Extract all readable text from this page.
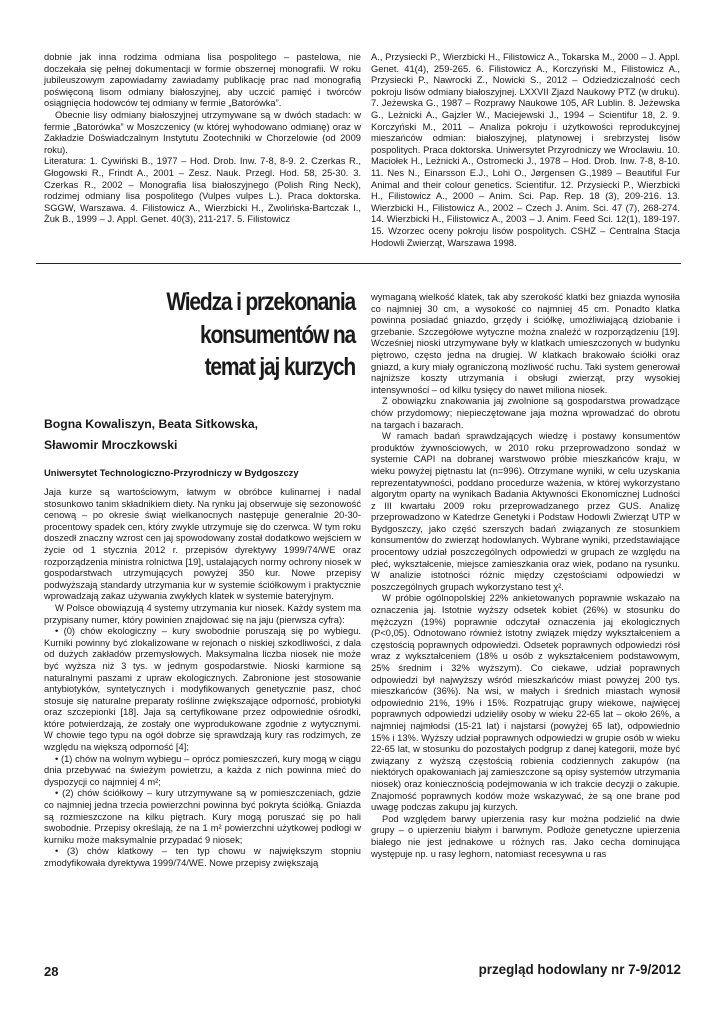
dobnie jak inna rodzima odmiana lisa pospolitego – pastelowa, nie doczekała się pełnej dokumentacji w formie obszernej monografii. W roku jubileuszowym zapowiadamy zawiadamy publikację prac nad monografią poświęconą lisom odmiany białoszyjnej, aby uczcić pamięć i twórców osiągnięcia hodowców tej odmiany w fermie „Batorówka”.

Obecnie lisy odmiany białoszyjnej utrzymywane są w dwóch stadach: w fermie „Batorówka” w Moszczenicy (w której wyhodowano odmianę) oraz w Zakładzie Doświadczalnym Instytutu Zootechniki w Chorzelowie (od 2009 roku).

Literatura: 1. Cywiński B., 1977 – Hod. Drob. Inw. 7-8, 8-9. 2. Czerkas R., Głogowski R., Frindt A., 2001 – Zesz. Nauk. Przegl. Hod. 58, 25-30. 3. Czerkas R., 2002 – Monografia lisa białoszyjnego (Polish Ring Neck), rodzimej odmiany lisa pospolitego (Vulpes vulpes L.). Praca doktorska. SGGW, Warszawa. 4. Filistowicz A., Wierzbicki H., Zwolińska-Bartczak I., Żuk B., 1999 – J. Appl. Genet. 40(3), 211-217. 5. Filistowicz

A., Przysiecki P., Wierzbicki H., Filistowicz A., Tokarska M., 2000 – J. Appl. Genet. 41(4), 259-265. 6. Filistowicz A., Korczyński M., Filistowicz A., Przysiecki P., Nawrocki Z., Nowicki S., 2012 – Odziedziczalność cech pokroju lisów odmiany białoszyjnej. LXXVII Zjazd Naukowy PTZ (w druku). 7. Jeżewska G., 1987 – Rozprawy Naukowe 105, AR Lublin. 8. Jeżewska G., Leżnicki A., Gajzler W., Maciejewski J., 1994 – Scientifur 18, 2. 9. Korczyński M., 2011 – Analiza pokroju i użytkowości reprodukcyjnej mieszańców odmian: białoszyjnej, platynowej i srebrzystej lisów pospolitych. Praca doktorska. Uniwersytet Przyrodniczy we Wrocławiu. 10. Maciołek H., Leżnicki A., Ostromecki J., 1978 – Hod. Drob. Inw. 7-8, 8-10. 11. Nes N., Einarsson E.J., Lohi O., Jørgensen G.,1989 – Beautiful Fur Animal and their colour genetics. Scientifur. 12. Przysiecki P., Wierzbicki H., Filistowicz A., 2000 – Anim. Sci. Pap. Rep. 18 (3), 209-216. 13. Wierzbicki H., Filistowicz A., 2002 – Czech J. Anim. Sci. 47 (7), 268-274. 14. Wierzbicki H., Filistowicz A., 2003 – J. Anim. Feed Sci. 12(1), 189-197. 15. Wzorzec oceny pokroju lisów pospolitych. CSHZ – Centralna Stacja Hodowli Zwierząt, Warszawa 1998.

Wiedza i przekonania
konsumentów na
temat jaj kurzych
Bogna Kowaliszyn, Beata Sitkowska,
Sławomir Mroczkowski
Uniwersytet Technologiczno-Przyrodniczy w Bydgoszczy

Jaja kurze są wartościowym, łatwym w obróbce kulinarnej i nadal stosunkowo tanim składnikiem diety. Na rynku jaj obserwuje się sezonowość cenową – po okresie świąt wielkanocnych następuje generalnie 20-30-procentowy spadek cen, który zwykle utrzymuje się do czerwca. W tym roku doszedł znaczny wzrost cen jaj spowodowany został dodatkowo wejściem w życie od 1 stycznia 2012 r. przepisów dyrektywy 1999/74/WE oraz rozporządzenia ministra rolnictwa [19], ustalających normy ochrony niosek w gospodarstwach utrzymujących powyżej 350 kur. Nowe przepisy podwyższają standardy utrzymania kur w systemie ściółkowym i praktycznie wprowadzają zakaz używania zwykłych klatek w systemie bateryjnym.

W Polsce obowiązują 4 systemy utrzymania kur niosek. Każdy system ma przypisany numer, który powinien znajdować się na jaju (pierwsza cyfra):

• (0) chów ekologiczny – kury swobodnie poruszają się po wybiegu. Kurniki powinny być zlokalizowane w rejonach o niskiej szkodliwości, z dala od dużych zakładów przemysłowych. Maksymalna liczba niosek nie może być wyższa niż 3 tys. w jednym gospodarstwie. Nioski karmione są naturalnymi paszami z upraw ekologicznych. Zabronione jest stosowanie antybiotyków, syntetycznych i modyfikowanych genetycznie pasz, choć stosuje się naturalne preparaty roślinne zwiększające odporność, probiotyki oraz szczepionki [18]. Jaja są certyfikowane przez odpowiednie ośrodki, które potwierdzają, że zostały one wyprodukowane zgodnie z wytycznymi. W chowie tego typu na ogół dobrze się sprawdzają kury ras rodzimych, ze względu na większą odporność [4];

• (1) chów na wolnym wybiegu – oprócz pomieszczeń, kury mogą w ciągu dnia przebywać na świeżym powietrzu, a każda z nich powinna mieć do dyspozycji co najmniej 4 m²;

• (2) chów ściółkowy – kury utrzymywane są w pomieszczeniach, gdzie co najmniej jedna trzecia powierzchni powinna być pokryta ściółką. Gniazda są rozmieszczone na kilku piętrach. Kury mogą poruszać się po hali swobodnie. Przepisy określają, że na 1 m² powierzchni użytkowej podłogi w kurniku może maksymalnie przypadać 9 niosek;

• (3) chów klatkowy – ten typ chowu w największym stopniu zmodyfikowała dyrektywa 1999/74/WE. Nowe przepisy zwiększają

wymaganą wielkość klatek, tak aby szerokość klatki bez gniazda wynosiła co najmniej 30 cm, a wysokość co najmniej 45 cm. Ponadto klatka powinna posiadać gniazdo, grzędy i ściółkę, umożliwiającą dziobanie i grzebanie. Szczegółowe wytyczne można znaleźć w rozporządzeniu [19]. Wcześniej nioski utrzymywane były w klatkach umieszczonych w budynku piętrowo, często jedna na drugiej. W klatkach brakowało ściółki oraz gniazd, a kury miały ograniczoną możliwość ruchu. Taki system generował najniższe koszty utrzymania i obsługi zwierząt, przy wysokiej intensywności – od kilku tysięcy do nawet miliona niosek.

Z obowiązku znakowania jaj zwolnione są gospodarstwa prowadzące chów przydomowy; niepieczętowane jaja można wprowadzać do obrotu na targach i bazarach.

W ramach badań sprawdzających wiedzę i postawy konsumentów produktów żywnościowych, w 2010 roku przeprowadzono sondaż w systemie CAPI na dobranej warstwowo próbie mieszkańców kraju, w wieku powyżej piętnastu lat (n=996). Otrzymane wyniki, w celu uzyskania reprezentatywności, poddano procedurze ważenia, w której wykorzystano algorytm oparty na wynikach Badania Aktywności Ekonomicznej Ludności z III kwartału 2009 roku przeprowadzanego przez GUS. Analizę przeprowadzono w Katedrze Genetyki i Podstaw Hodowli Zwierząt UTP w Bydgoszczy, jako część szerszych badań związanych ze stosunkiem konsumentów do zwierząt hodowlanych. Wybrane wyniki, przedstawiające procentowy udział poszczególnych odpowiedzi w grupach ze względu na płeć, wykształcenie, miejsce zamieszkania oraz wiek, podano na rysunku. W analizie istotności różnic między częstościami odpowiedzi w poszczególnych grupach wykorzystano test χ².

W próbie ogólnopolskiej 22% ankietowanych poprawnie wskazało na oznaczenia jaj. Istotnie wyższy odsetek kobiet (26%) w stosunku do mężczyzn (19%) poprawnie odczytał oznaczenia jaj ekologicznych (P<0,05). Odnotowano również istotny związek między wykształceniem a częstością poprawnych odpowiedzi. Odsetek poprawnych odpowiedzi rósł wraz z wykształceniem (18% u osób z wykształceniem podstawowym, 25% średnim i 32% wyższym). Co ciekawe, udział poprawnych odpowiedzi był najwyższy wśród mieszkańców miast powyżej 200 tys. mieszkańców (36%). Na wsi, w małych i średnich miastach wynosił odpowiednio 21%, 19% i 15%. Rozpatrując grupy wiekowe, najwięcej poprawnych odpowiedzi udzieliły osoby w wieku 22-65 lat – około 26%, a najmniej najmłodsi (15-21 lat) i najstarsi (powyżej 65 lat), odpowiednio 15% i 13%. Wyższy udział poprawnych odpowiedzi w grupie osób w wieku 22-65 lat, w stosunku do pozostałych podgrup z danej kategorii, może być związany z wyższą częstością robienia codziennych zakupów (na niektórych opakowaniach jaj zamieszczone są opisy systemów utrzymania niosek) oraz koniecznością podejmowania w ich trakcie decyzji o zakupie. Znajomość poprawnych kodów może wskazywać, że są one brane pod uwagę podczas zakupu jaj kurzych.

Pod względem barwy upierzenia rasy kur można podzielić na dwie grupy – o upierzeniu białym i barwnym. Podłoże genetyczne upierzenia białego nie jest jednakowe u różnych ras. Jako cecha dominująca występuje np. u rasy leghorn, natomiast recesywna u ras

28	przegląd hodowlany nr 7-9/2012
